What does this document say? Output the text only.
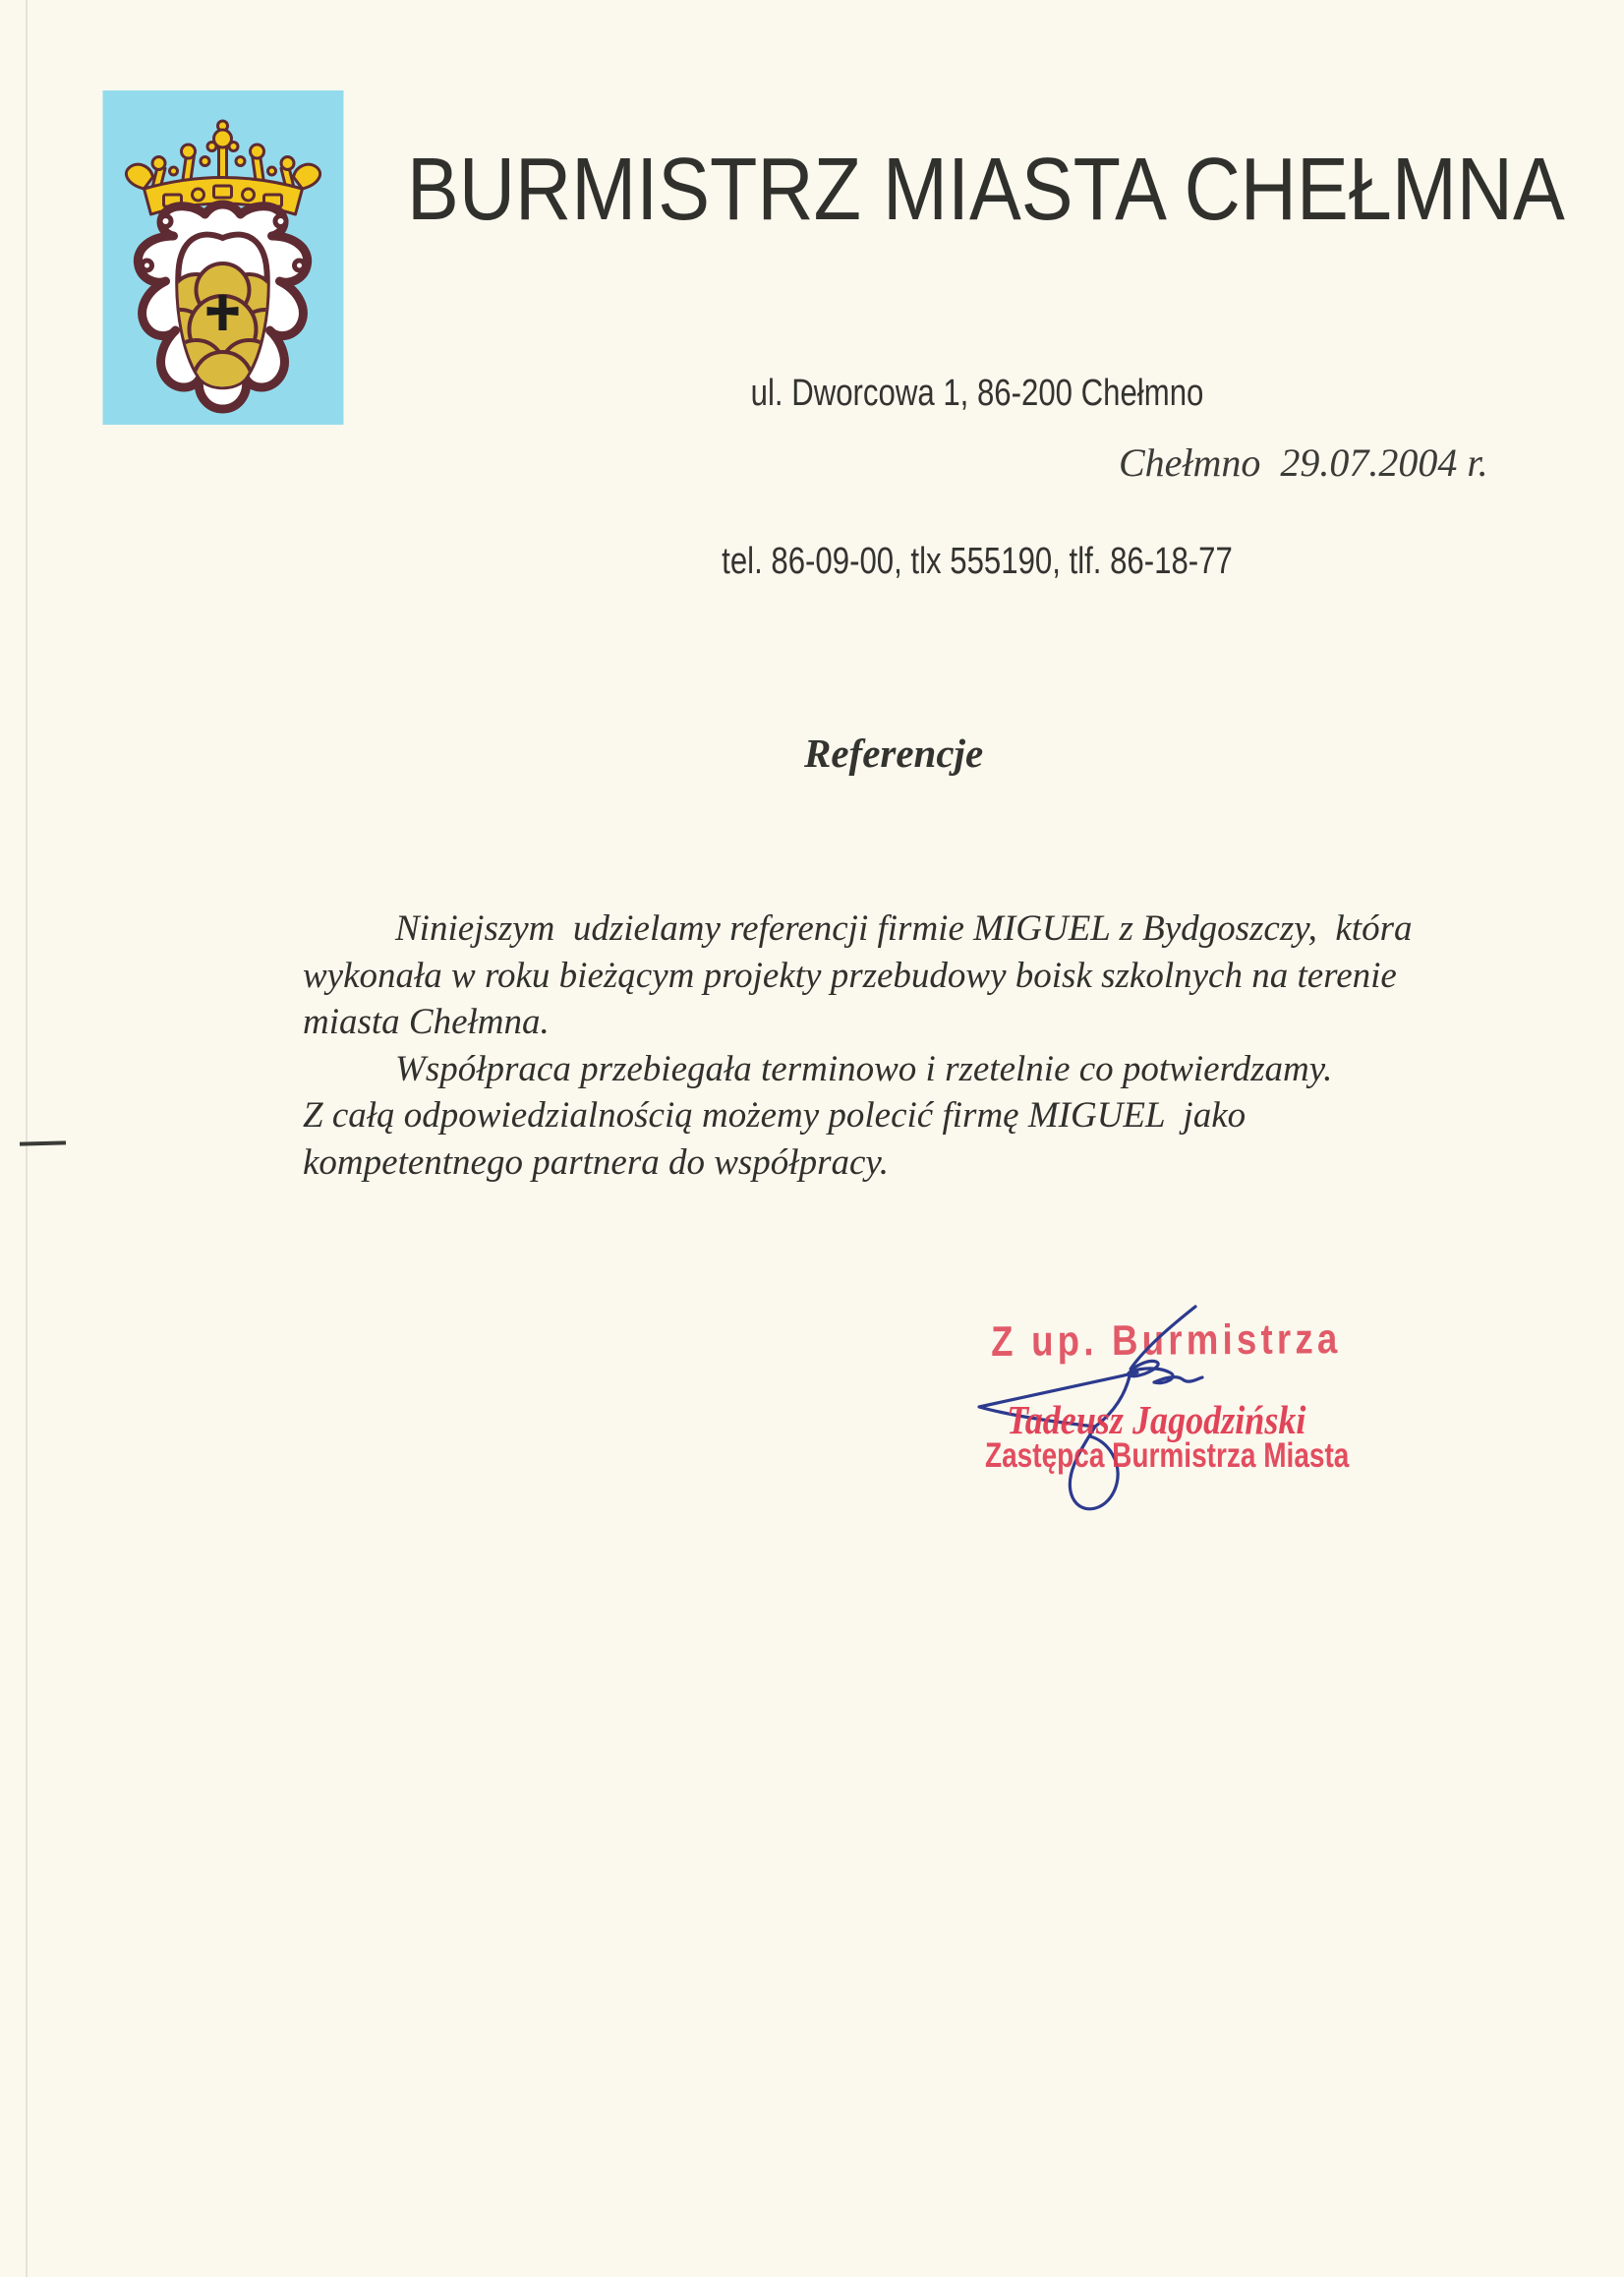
BURMISTRZ MIASTA CHEŁMNA

ul. Dworcowa 1, 86-200 Chełmno

tel. 86-09-00, tlx 555190, tlf. 86-18-77

Chełmno  29.07.2004 r.
Referencje
Niniejszym  udzielamy referencji firmie MIGUEL z Bydgoszczy,  która
wykonała w roku bieżącym projekty przebudowy boisk szkolnych na terenie
miasta Chełmna.
Współpraca przebiegała terminowo i rzetelnie co potwierdzamy.
Z całą odpowiedzialnością możemy polecić firmę MIGUEL  jako
kompetentnego partnera do współpracy.
Z up. Burmistrza
Tadeusz Jagodziński
Zastępca Burmistrza Miasta
